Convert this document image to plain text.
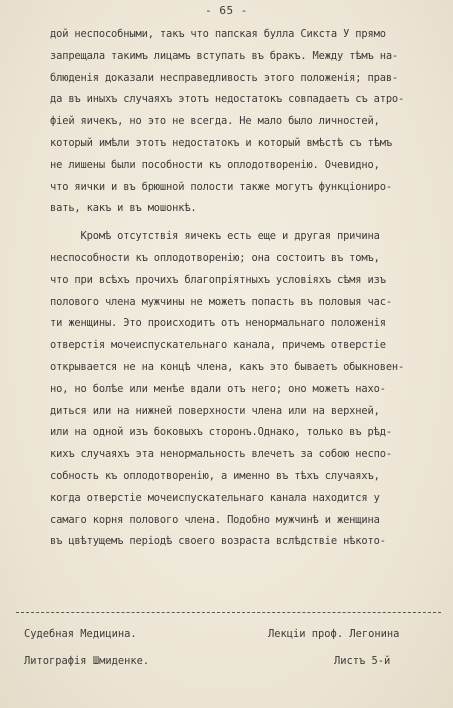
- 65 -
дой неспособными, такъ что папская булла Сикста У прямо
запрещала такимъ лицамъ вступать въ бракъ. Между тѣмъ на-
блюденія доказали несправедливость этого положенія; прав-
да въ иныхъ случаяхъ этотъ недостатокъ совпадаетъ съ атро-
фіей яичекъ, но это не всегда. Не мало было личностей,
который имѣли этотъ недостатокъ и который вмѣстѣ съ тѣмъ
не лишены были пособности къ оплодотворенію. Очевидно,
что яички и въ брюшной полости также могутъ функціониро-
вать, какъ и въ мошонкѣ.
Кромѣ отсутствія яичекъ есть еще и другая причина
неспособности къ оплодотворенію; она состоитъ въ томъ,
что при всѣхъ прочихъ благопріятныхъ условіяхъ сѣмя изъ
полового члена мужчины не можетъ попасть въ половыя час-
ти женщины. Это происходитъ отъ ненормальнаго положенія
отверстія мочеиспускательнаго канала, причемъ отверстіе
открывается не на концѣ члена, какъ это бываетъ обыкновен-
но, но болѣе или менѣе вдали отъ него; оно можетъ нахо-
диться или на нижней поверхности члена или на верхней,
или на одной изъ боковыхъ сторонъ.Однако, только въ рѣд-
кихъ случаяхъ эта ненормальность влечетъ за собою неспо-
собность къ оплодотворенію, а именно въ тѣхъ случаяхъ,
когда отверстіе мочеиспускательнаго канала находится у
самаго корня полового члена. Подобно мужчинѣ и женщина
въ цвѣтущемъ періодѣ своего возраста вслѣдствіе нѣкото-
Судебная Медицина.	Лекціи проф. Легонина
Литографія Шмиденке.	Листъ 5-й
